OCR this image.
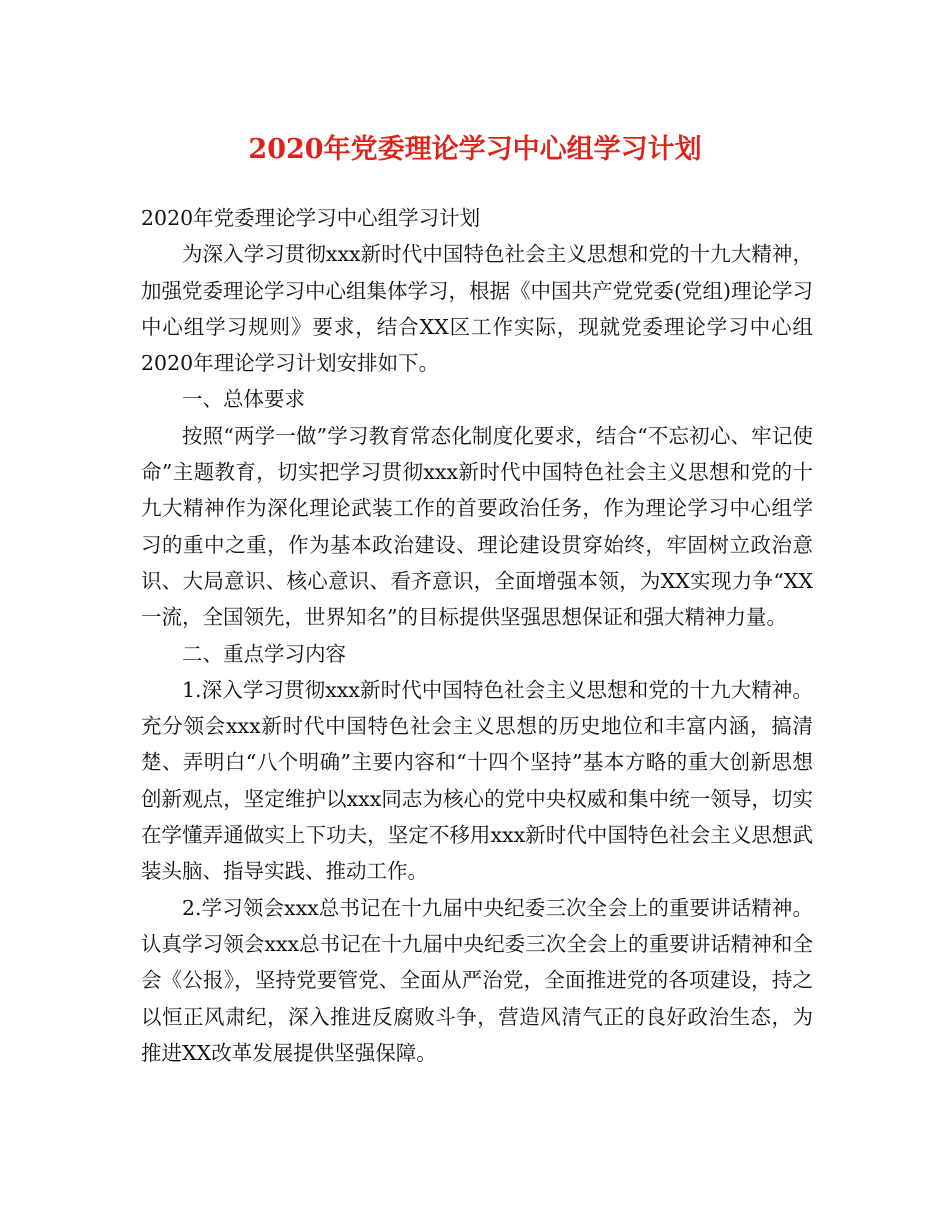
2020年党委理论学习中心组学习计划

2020年党委理论学习中心组学习计划

为深入学习贯彻xxx新时代中国特色社会主义思想和党的十九大精神，加强党委理论学习中心组集体学习，根据《中国共产党党委(党组)理论学习中心组学习规则》要求，结合XX区工作实际，现就党委理论学习中心组2020年理论学习计划安排如下。

一、总体要求

按照“两学一做”学习教育常态化制度化要求，结合“不忘初心、牢记使命”主题教育，切实把学习贯彻xxx新时代中国特色社会主义思想和党的十九大精神作为深化理论武装工作的首要政治任务，作为理论学习中心组学习的重中之重，作为基本政治建设、理论建设贯穿始终，牢固树立政治意识、大局意识、核心意识、看齐意识，全面增强本领，为XX实现力争“XX一流，全国领先，世界知名”的目标提供坚强思想保证和强大精神力量。

二、重点学习内容

1.深入学习贯彻xxx新时代中国特色社会主义思想和党的十九大精神。充分领会xxx新时代中国特色社会主义思想的历史地位和丰富内涵，搞清楚、弄明白“八个明确”主要内容和“十四个坚持”基本方略的重大创新思想创新观点，坚定维护以xxx同志为核心的党中央权威和集中统一领导，切实在学懂弄通做实上下功夫，坚定不移用xxx新时代中国特色社会主义思想武装头脑、指导实践、推动工作。

2.学习领会xxx总书记在十九届中央纪委三次全会上的重要讲话精神。认真学习领会xxx总书记在十九届中央纪委三次全会上的重要讲话精神和全会《公报》，坚持党要管党、全面从严治党，全面推进党的各项建设，持之以恒正风肃纪，深入推进反腐败斗争，营造风清气正的良好政治生态，为推进XX改革发展提供坚强保障。
